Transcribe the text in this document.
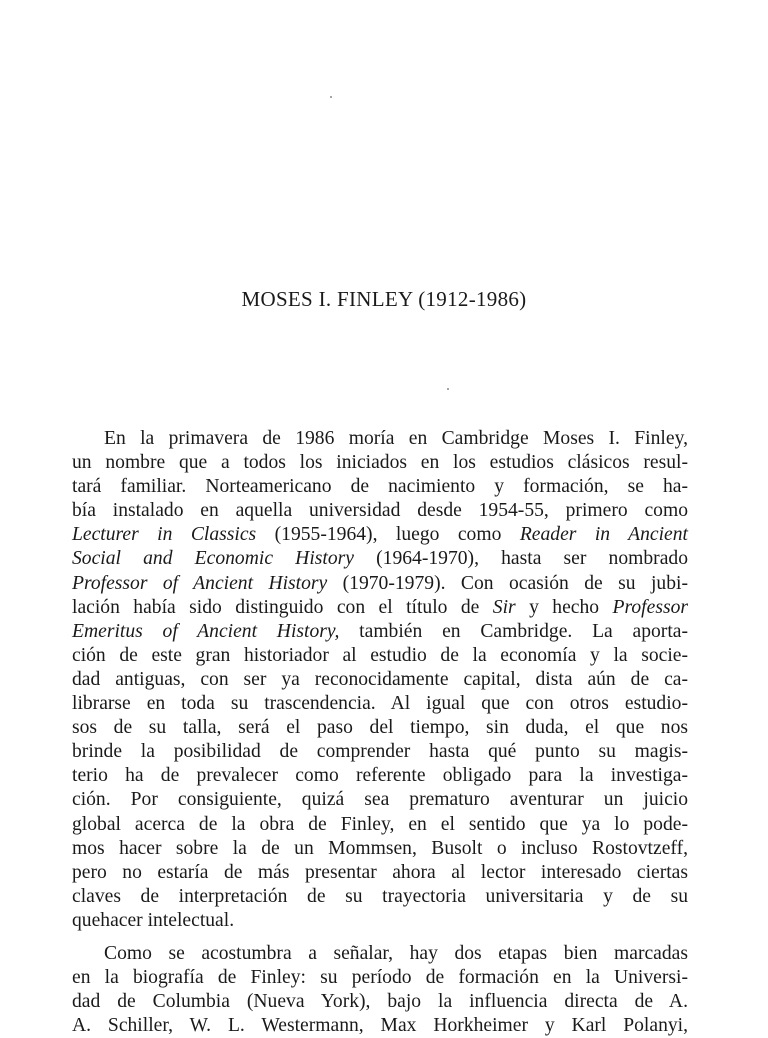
MOSES I. FINLEY (1912-1986)
En la primavera de 1986 moría en Cambridge Moses I. Finley,
un nombre que a todos los iniciados en los estudios clásicos resul-
tará familiar. Norteamericano de nacimiento y formación, se ha-
bía instalado en aquella universidad desde 1954-55, primero como
Lecturer in Classics (1955-1964), luego como Reader in Ancient
Social and Economic History (1964-1970), hasta ser nombrado
Professor of Ancient History (1970-1979). Con ocasión de su jubi-
lación había sido distinguido con el título de Sir y hecho Professor
Emeritus of Ancient History, también en Cambridge. La aporta-
ción de este gran historiador al estudio de la economía y la socie-
dad antiguas, con ser ya reconocidamente capital, dista aún de ca-
librarse en toda su trascendencia. Al igual que con otros estudio-
sos de su talla, será el paso del tiempo, sin duda, el que nos
brinde la posibilidad de comprender hasta qué punto su magis-
terio ha de prevalecer como referente obligado para la investiga-
ción. Por consiguiente, quizá sea prematuro aventurar un juicio
global acerca de la obra de Finley, en el sentido que ya lo pode-
mos hacer sobre la de un Mommsen, Busolt o incluso Rostovtzeff,
pero no estaría de más presentar ahora al lector interesado ciertas
claves de interpretación de su trayectoria universitaria y de su
quehacer intelectual.
Como se acostumbra a señalar, hay dos etapas bien marcadas
en la biografía de Finley: su período de formación en la Universi-
dad de Columbia (Nueva York), bajo la influencia directa de A.
A. Schiller, W. L. Westermann, Max Horkheimer y Karl Polanyi,
